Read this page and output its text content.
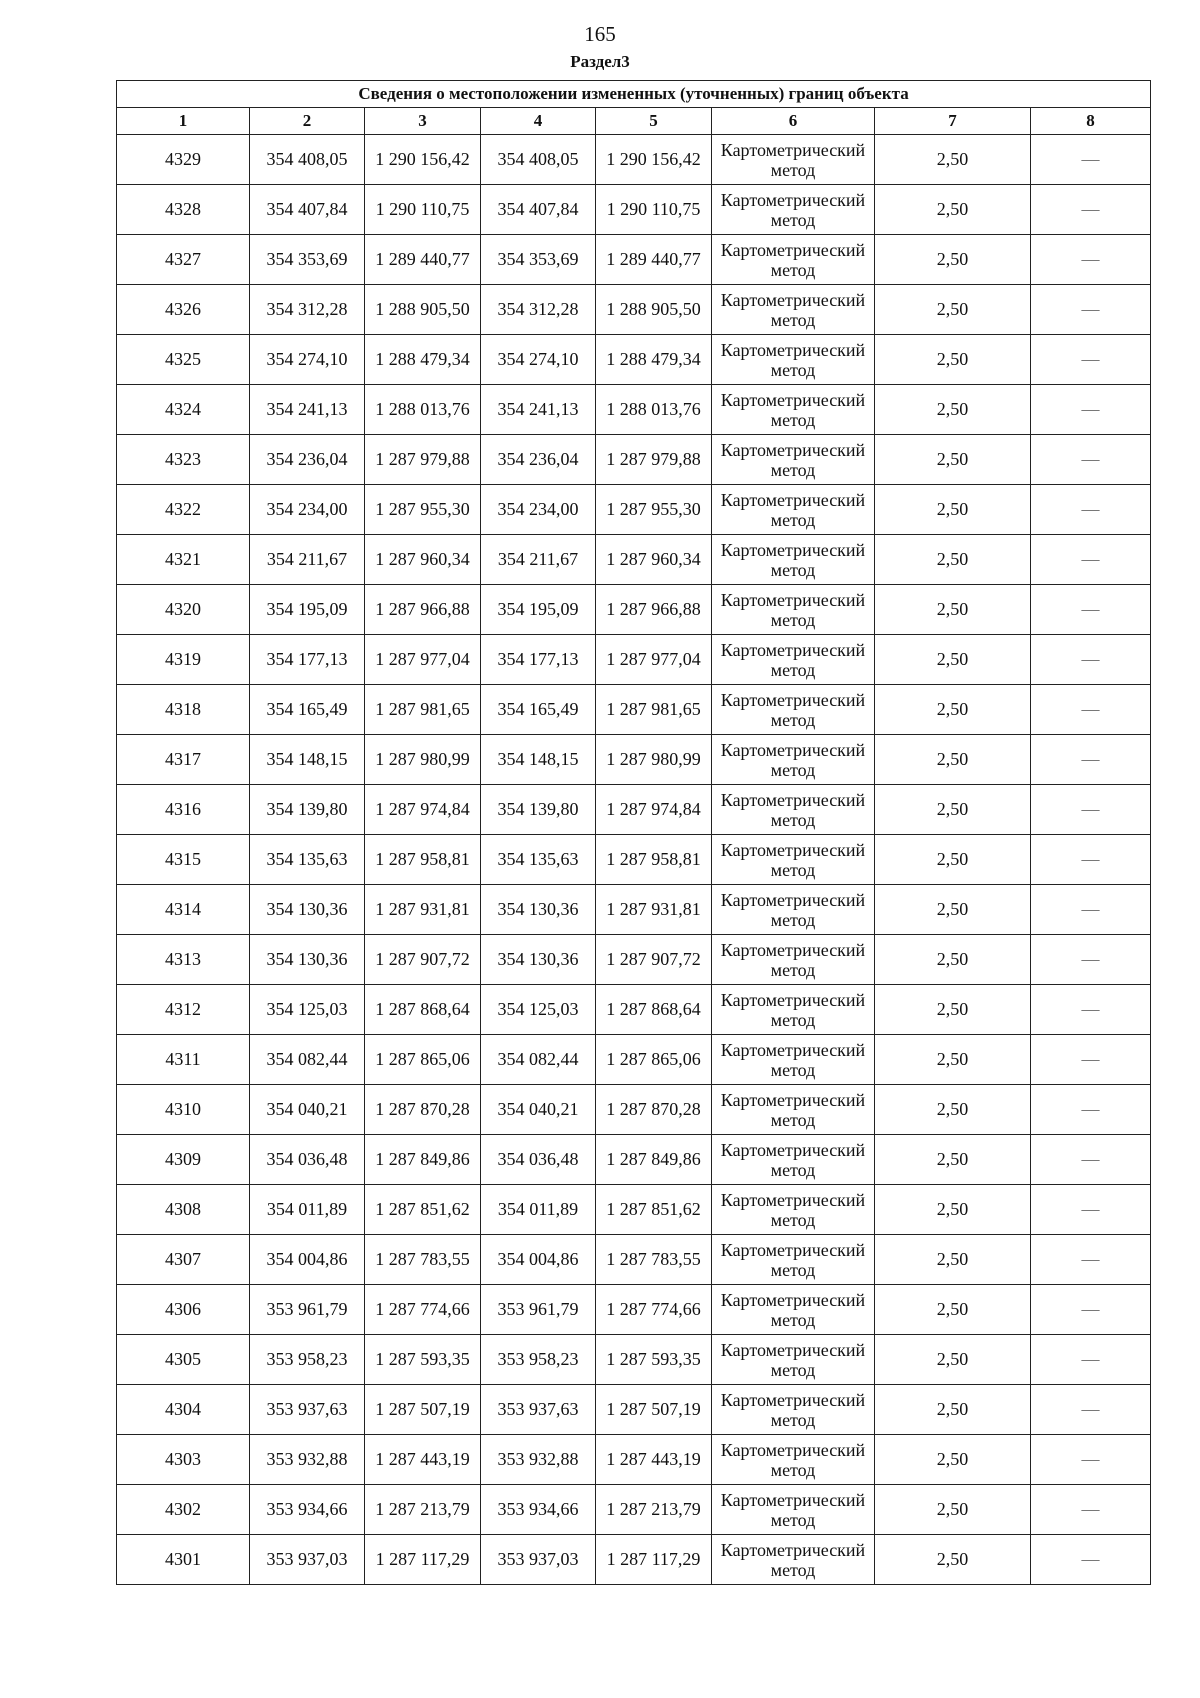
165
Раздел3
Сведения о местоположении измененных (уточненных) границ объекта							
1	2	3	4	5	6	7	8
4329	354 408,05	1 290 156,42	354 408,05	1 290 156,42	Картометрический метод	2,50	—
4328	354 407,84	1 290 110,75	354 407,84	1 290 110,75	Картометрический метод	2,50	—
4327	354 353,69	1 289 440,77	354 353,69	1 289 440,77	Картометрический метод	2,50	—
4326	354 312,28	1 288 905,50	354 312,28	1 288 905,50	Картометрический метод	2,50	—
4325	354 274,10	1 288 479,34	354 274,10	1 288 479,34	Картометрический метод	2,50	—
4324	354 241,13	1 288 013,76	354 241,13	1 288 013,76	Картометрический метод	2,50	—
4323	354 236,04	1 287 979,88	354 236,04	1 287 979,88	Картометрический метод	2,50	—
4322	354 234,00	1 287 955,30	354 234,00	1 287 955,30	Картометрический метод	2,50	—
4321	354 211,67	1 287 960,34	354 211,67	1 287 960,34	Картометрический метод	2,50	—
4320	354 195,09	1 287 966,88	354 195,09	1 287 966,88	Картометрический метод	2,50	—
4319	354 177,13	1 287 977,04	354 177,13	1 287 977,04	Картометрический метод	2,50	—
4318	354 165,49	1 287 981,65	354 165,49	1 287 981,65	Картометрический метод	2,50	—
4317	354 148,15	1 287 980,99	354 148,15	1 287 980,99	Картометрический метод	2,50	—
4316	354 139,80	1 287 974,84	354 139,80	1 287 974,84	Картометрический метод	2,50	—
4315	354 135,63	1 287 958,81	354 135,63	1 287 958,81	Картометрический метод	2,50	—
4314	354 130,36	1 287 931,81	354 130,36	1 287 931,81	Картометрический метод	2,50	—
4313	354 130,36	1 287 907,72	354 130,36	1 287 907,72	Картометрический метод	2,50	—
4312	354 125,03	1 287 868,64	354 125,03	1 287 868,64	Картометрический метод	2,50	—
4311	354 082,44	1 287 865,06	354 082,44	1 287 865,06	Картометрический метод	2,50	—
4310	354 040,21	1 287 870,28	354 040,21	1 287 870,28	Картометрический метод	2,50	—
4309	354 036,48	1 287 849,86	354 036,48	1 287 849,86	Картометрический метод	2,50	—
4308	354 011,89	1 287 851,62	354 011,89	1 287 851,62	Картометрический метод	2,50	—
4307	354 004,86	1 287 783,55	354 004,86	1 287 783,55	Картометрический метод	2,50	—
4306	353 961,79	1 287 774,66	353 961,79	1 287 774,66	Картометрический метод	2,50	—
4305	353 958,23	1 287 593,35	353 958,23	1 287 593,35	Картометрический метод	2,50	—
4304	353 937,63	1 287 507,19	353 937,63	1 287 507,19	Картометрический метод	2,50	—
4303	353 932,88	1 287 443,19	353 932,88	1 287 443,19	Картометрический метод	2,50	—
4302	353 934,66	1 287 213,79	353 934,66	1 287 213,79	Картометрический метод	2,50	—
4301	353 937,03	1 287 117,29	353 937,03	1 287 117,29	Картометрический метод	2,50	—
